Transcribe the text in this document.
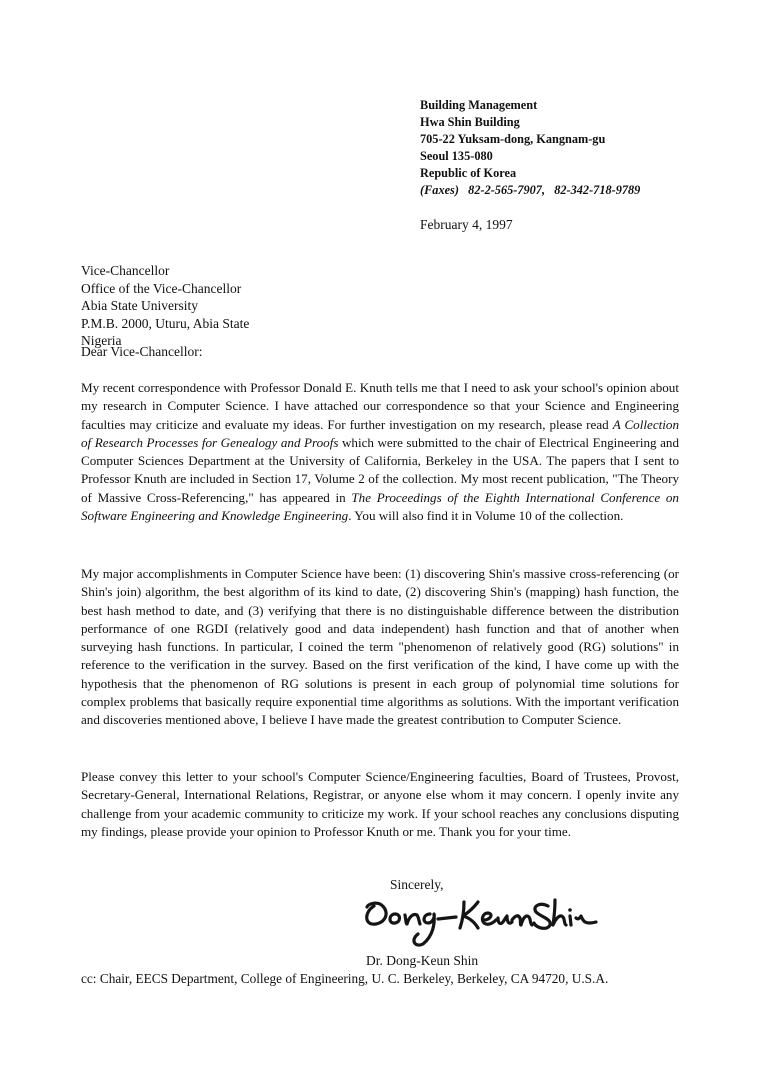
Building Management
Hwa Shin Building
705-22 Yuksam-dong, Kangnam-gu
Seoul 135-080
Republic of Korea
(Faxes) 82-2-565-7907,   82-342-718-9789
February 4, 1997
Vice-Chancellor
Office of the Vice-Chancellor
Abia State University
P.M.B. 2000, Uturu, Abia State
Nigeria
Dear Vice-Chancellor:

My recent correspondence with Professor Donald E. Knuth tells me that I need to ask your school's opinion about my research in Computer Science. I have attached our correspondence so that your Science and Engineering faculties may criticize and evaluate my ideas. For further investigation on my research, please read A Collection of Research Processes for Genealogy and Proofs which were submitted to the chair of Electrical Engineering and Computer Sciences Department at the University of California, Berkeley in the USA. The papers that I sent to Professor Knuth are included in Section 17, Volume 2 of the collection. My most recent publication, "The Theory of Massive Cross-Referencing," has appeared in The Proceedings of the Eighth International Conference on Software Engineering and Knowledge Engineering. You will also find it in Volume 10 of the collection.

My major accomplishments in Computer Science have been: (1) discovering Shin's massive cross-referencing (or Shin's join) algorithm, the best algorithm of its kind to date, (2) discovering Shin's (mapping) hash function, the best hash method to date, and (3) verifying that there is no distinguishable difference between the distribution performance of one RGDI (relatively good and data independent) hash function and that of another when surveying hash functions. In particular, I coined the term "phenomenon of relatively good (RG) solutions" in reference to the verification in the survey. Based on the first verification of the kind, I have come up with the hypothesis that the phenomenon of RG solutions is present in each group of polynomial time solutions for complex problems that basically require exponential time algorithms as solutions. With the important verification and discoveries mentioned above, I believe I have made the greatest contribution to Computer Science.

Please convey this letter to your school's Computer Science/Engineering faculties, Board of Trustees, Provost, Secretary-General, International Relations, Registrar, or anyone else whom it may concern. I openly invite any challenge from your academic community to criticize my work. If your school reaches any conclusions disputing my findings, please provide your opinion to Professor Knuth or me. Thank you for your time.

Sincerely,
Dr. Dong-Keun Shin
cc: Chair, EECS Department, College of Engineering, U. C. Berkeley, Berkeley, CA 94720, U.S.A.
